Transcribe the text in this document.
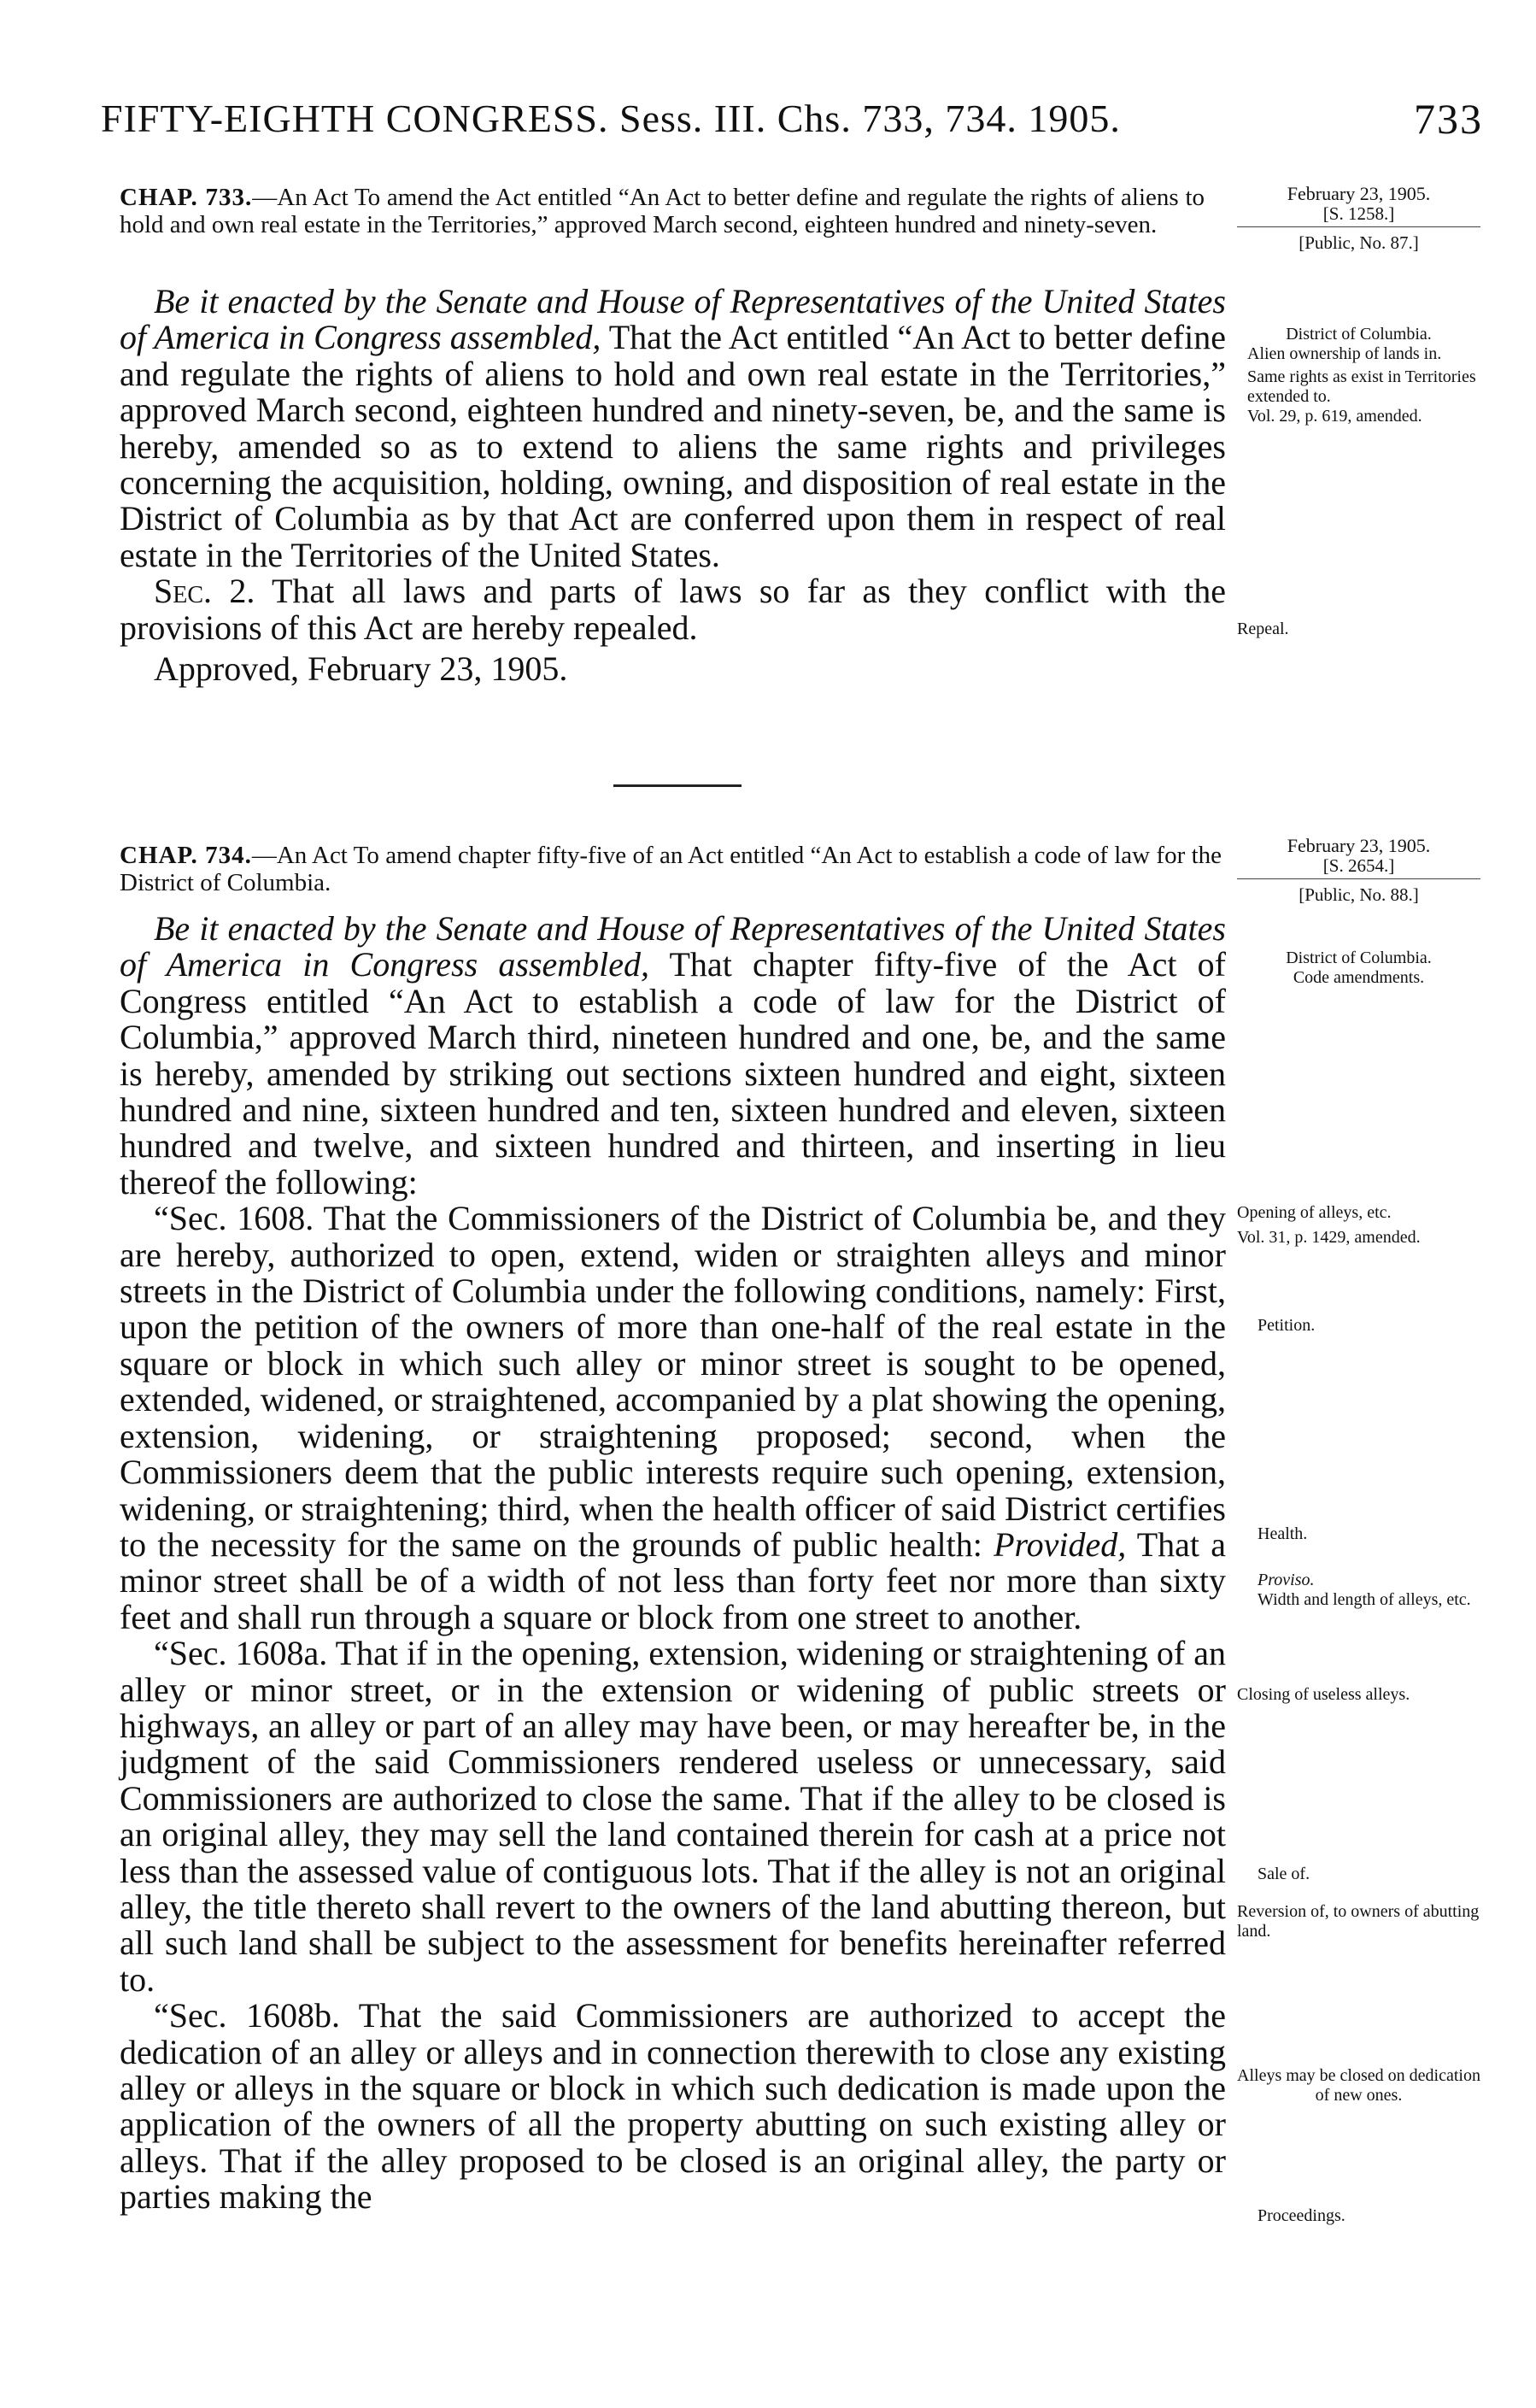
FIFTY-EIGHTH CONGRESS. Sess. III. Chs. 733, 734. 1905.	733
CHAP. 733.—An Act To amend the Act entitled “An Act to better define and regulate the rights of aliens to hold and own real estate in the Territories,” approved March second, eighteen hundred and ninety-seven.
Be it enacted by the Senate and House of Representatives of the United States of America in Congress assembled, That the Act entitled “An Act to better define and regulate the rights of aliens to hold and own real estate in the Territories,” approved March second, eighteen hundred and ninety-seven, be, and the same is hereby, amended so as to extend to aliens the same rights and privileges concerning the acquisition, holding, owning, and disposition of real estate in the District of Columbia as by that Act are conferred upon them in respect of real estate in the Territories of the United States.
Sec. 2. That all laws and parts of laws so far as they conflict with the provisions of this Act are hereby repealed.
Approved, February 23, 1905.
February 23, 1905.
[S. 1258.]
[Public, No. 87.]
District of Columbia.
Alien ownership of lands in.
Same rights as exist in Territories extended to.
Vol. 29, p. 619, amended.
Repeal.
CHAP. 734.—An Act To amend chapter fifty-five of an Act entitled “An Act to establish a code of law for the District of Columbia.
Be it enacted by the Senate and House of Representatives of the United States of America in Congress assembled, That chapter fifty-five of the Act of Congress entitled “An Act to establish a code of law for the District of Columbia,” approved March third, nineteen hundred and one, be, and the same is hereby, amended by striking out sections sixteen hundred and eight, sixteen hundred and nine, sixteen hundred and ten, sixteen hundred and eleven, sixteen hundred and twelve, and sixteen hundred and thirteen, and inserting in lieu thereof the following:
“Sec. 1608. That the Commissioners of the District of Columbia be, and they are hereby, authorized to open, extend, widen or straighten alleys and minor streets in the District of Columbia under the following conditions, namely: First, upon the petition of the owners of more than one-half of the real estate in the square or block in which such alley or minor street is sought to be opened, extended, widened, or straightened, accompanied by a plat showing the opening, extension, widening, or straightening proposed; second, when the Commissioners deem that the public interests require such opening, extension, widening, or straightening; third, when the health officer of said District certifies to the necessity for the same on the grounds of public health: Provided, That a minor street shall be of a width of not less than forty feet nor more than sixty feet and shall run through a square or block from one street to another.
“Sec. 1608a. That if in the opening, extension, widening or straightening of an alley or minor street, or in the extension or widening of public streets or highways, an alley or part of an alley may have been, or may hereafter be, in the judgment of the said Commissioners rendered useless or unnecessary, said Commissioners are authorized to close the same. That if the alley to be closed is an original alley, they may sell the land contained therein for cash at a price not less than the assessed value of contiguous lots. That if the alley is not an original alley, the title thereto shall revert to the owners of the land abutting thereon, but all such land shall be subject to the assessment for benefits hereinafter referred to.
“Sec. 1608b. That the said Commissioners are authorized to accept the dedication of an alley or alleys and in connection therewith to close any existing alley or alleys in the square or block in which such dedication is made upon the application of the owners of all the property abutting on such existing alley or alleys. That if the alley proposed to be closed is an original alley, the party or parties making the
February 23, 1905.
[S. 2654.]
[Public, No. 88.]
District of Columbia.
Code amendments.
Opening of alleys, etc.
Vol. 31, p. 1429, amended.
Petition.
Health.
Proviso.
Width and length of alleys, etc.
Closing of useless alleys.
Sale of.
Reversion of, to owners of abutting land.
Alleys may be closed on dedication of new ones.
Proceedings.
